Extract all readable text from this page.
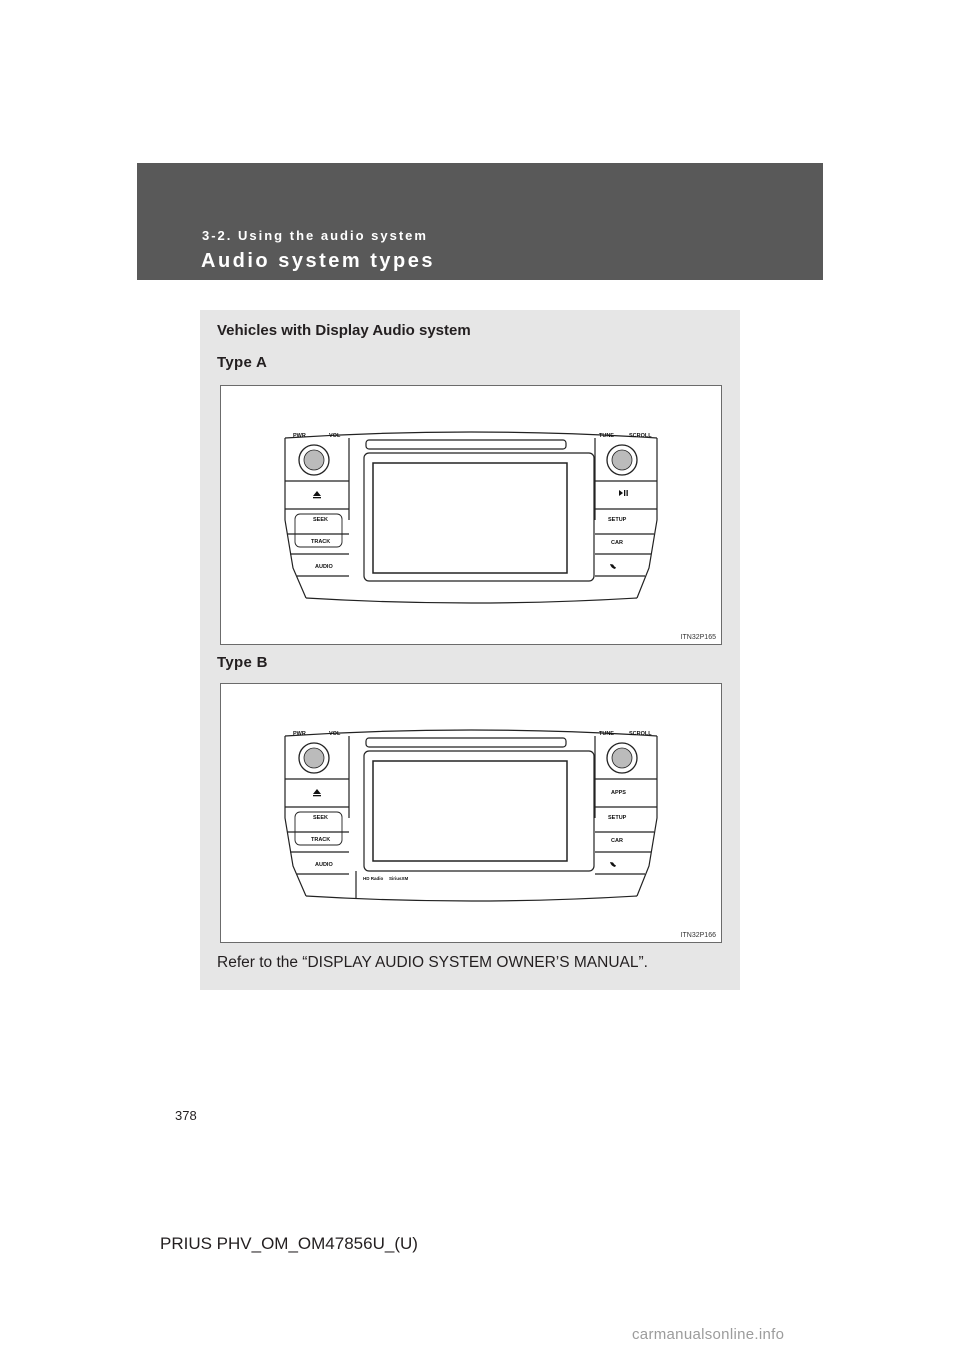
3-2. Using the audio system
Audio system types
Vehicles with Display Audio system
Type A
PWR	VOL	TUNE	SCROLL
SEEK
TRACK
AUDIO
SETUP
CAR
ITN32P165
Type B
PWR	VOL	TUNE	SCROLL
SEEK
TRACK
AUDIO
APPS
SETUP
CAR
HD Radio SiriusXM
ITN32P166
Refer to the “DISPLAY AUDIO SYSTEM OWNER’S MANUAL”.
378
PRIUS PHV_OM_OM47856U_(U)
carmanualsonline.info
